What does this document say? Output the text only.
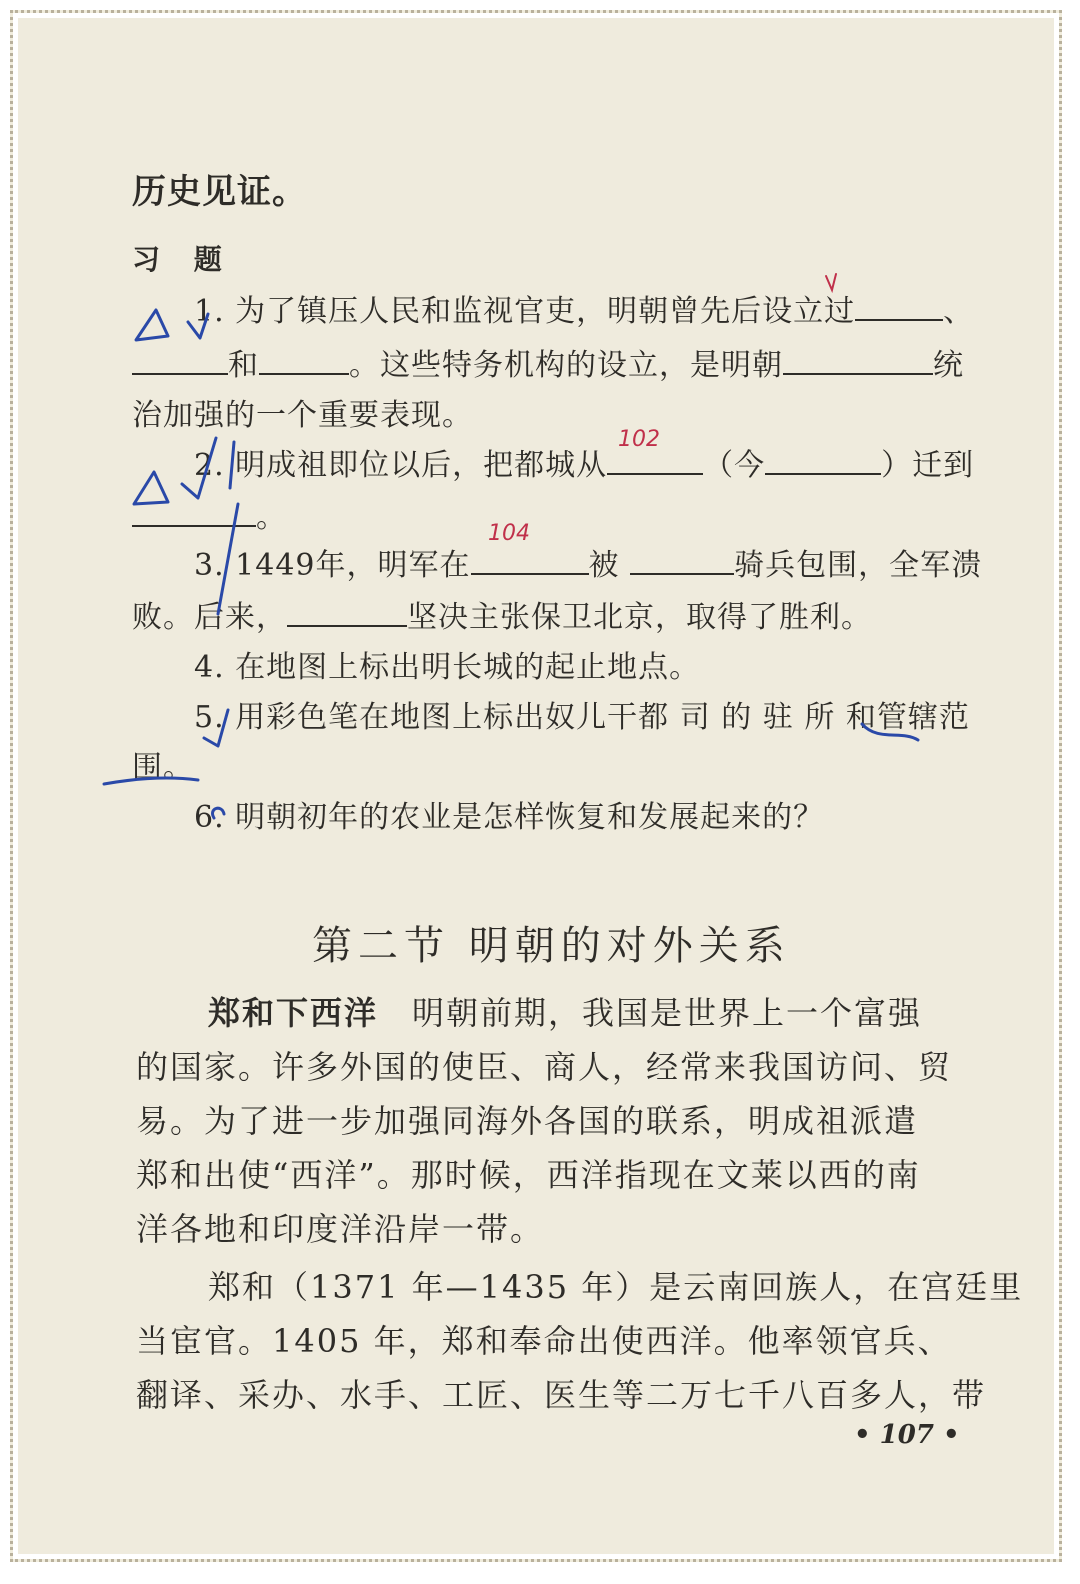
历史见证。
习 题
1. 为了镇压人民和监视官吏，明朝曾先后设立过	、
和	。这些特务机构的设立，是明朝	统
治加强的一个重要表现。
2. 明成祖即位以后，把都城从	（今	）迁到
。
3. 1449年，明军在	被	骑兵包围，全军溃
败。后来，	坚决主张保卫北京，取得了胜利。
4. 在地图上标出明长城的起止地点。
5. 用彩色笔在地图上标出奴儿干都 司 的 驻 所 和管辖范
围。
6. 明朝初年的农业是怎样恢复和发展起来的？
第二节 明朝的对外关系
郑和下西洋　 明朝前期，我国是世界上一个富强
的国家。许多外国的使臣、商人，经常来我国访问、贸
易。为了进一步加强同海外各国的联系，明成祖派遣
郑和出使“西洋”。那时候，西洋指现在文莱以西的南
洋各地和印度洋沿岸一带。
郑和（1371 年—1435 年）是云南回族人，在宫廷里
当宦官。1405 年，郑和奉命出使西洋。他率领官兵、
翻译、采办、水手、工匠、医生等二万七千八百多人，带
• 107 •
102
104
